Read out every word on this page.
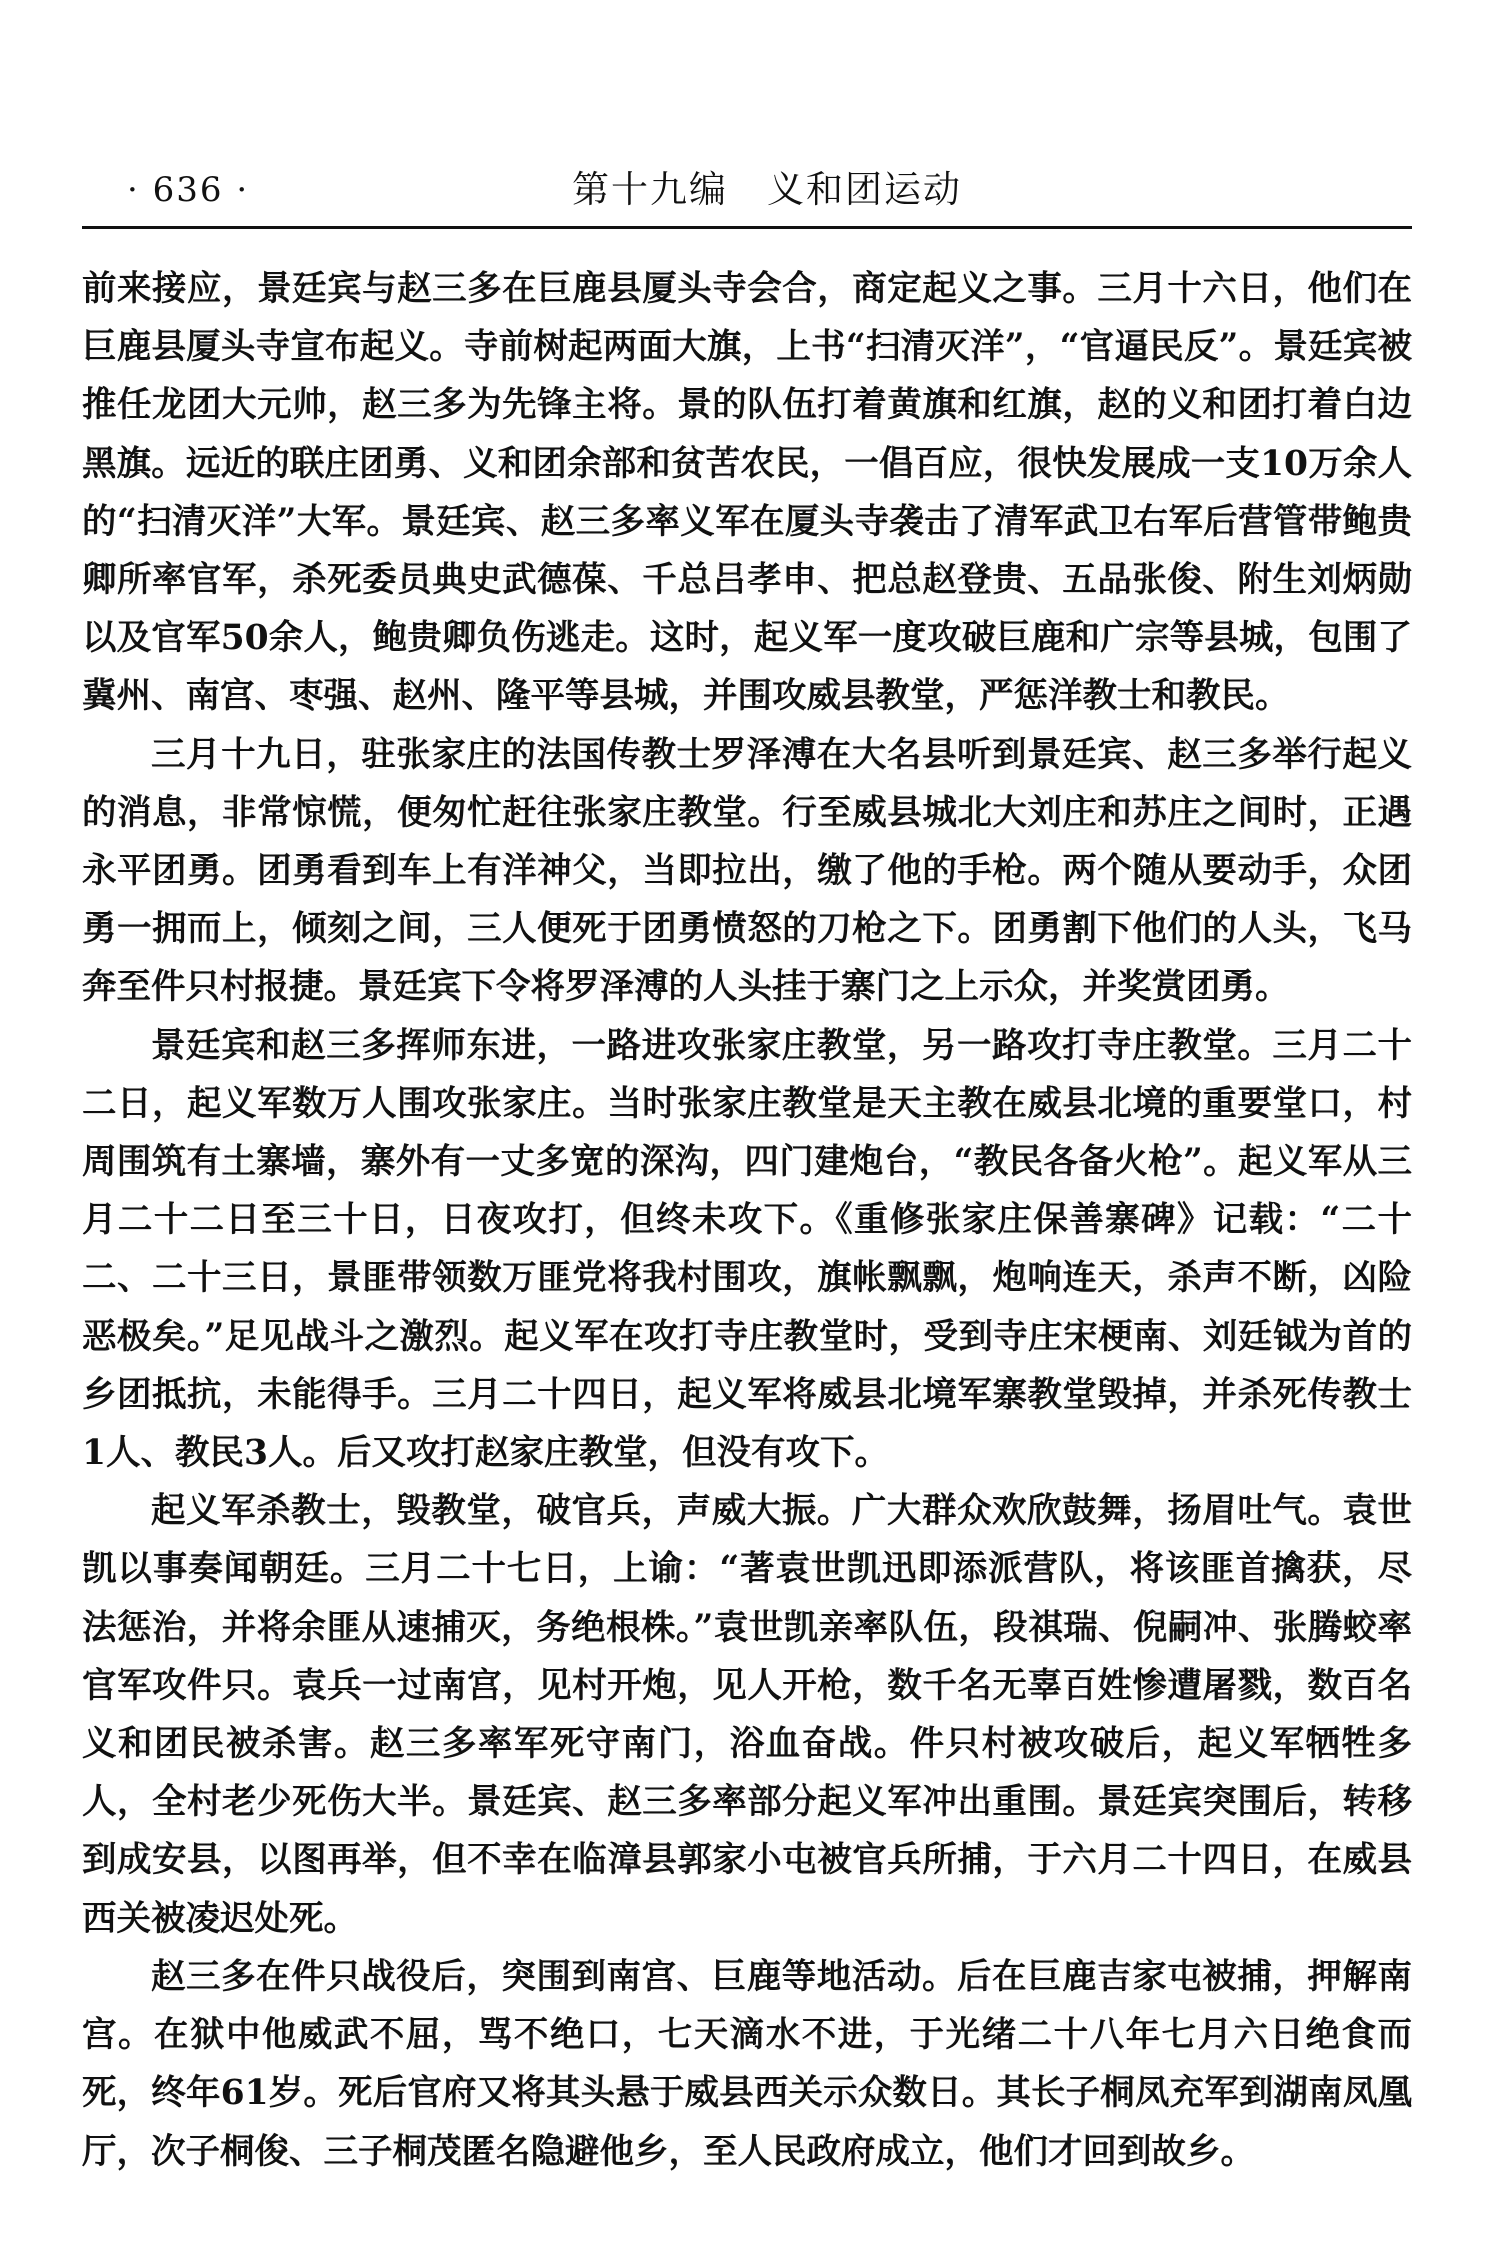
· 636 ·	第十九编　义和团运动

前来接应，景廷宾与赵三多在巨鹿县厦头寺会合，商定起义之事。三月十六日，他们在巨鹿县厦头寺宣布起义。寺前树起两面大旗，上书“扫清灭洋”，“官逼民反”。景廷宾被推任龙团大元帅，赵三多为先锋主将。景的队伍打着黄旗和红旗，赵的义和团打着白边黑旗。远近的联庄团勇、义和团余部和贫苦农民，一倡百应，很快发展成一支10万余人的“扫清灭洋”大军。景廷宾、赵三多率义军在厦头寺袭击了清军武卫右军后营管带鲍贵卿所率官军，杀死委员典史武德葆、千总吕孝申、把总赵登贵、五品张俊、附生刘炳勋以及官军50余人，鲍贵卿负伤逃走。这时，起义军一度攻破巨鹿和广宗等县城，包围了冀州、南宫、枣强、赵州、隆平等县城，并围攻威县教堂，严惩洋教士和教民。

三月十九日，驻张家庄的法国传教士罗泽溥在大名县听到景廷宾、赵三多举行起义的消息，非常惊慌，便匆忙赶往张家庄教堂。行至威县城北大刘庄和苏庄之间时，正遇永平团勇。团勇看到车上有洋神父，当即拉出，缴了他的手枪。两个随从要动手，众团勇一拥而上，倾刻之间，三人便死于团勇愤怒的刀枪之下。团勇割下他们的人头，飞马奔至件只村报捷。景廷宾下令将罗泽溥的人头挂于寨门之上示众，并奖赏团勇。

景廷宾和赵三多挥师东进，一路进攻张家庄教堂，另一路攻打寺庄教堂。三月二十二日，起义军数万人围攻张家庄。当时张家庄教堂是天主教在威县北境的重要堂口，村周围筑有土寨墙，寨外有一丈多宽的深沟，四门建炮台，“教民各备火枪”。起义军从三月二十二日至三十日，日夜攻打，但终未攻下。《重修张家庄保善寨碑》记载：“二十二、二十三日，景匪带领数万匪党将我村围攻，旗帐飘飘，炮响连天，杀声不断，凶险恶极矣。”足见战斗之激烈。起义军在攻打寺庄教堂时，受到寺庄宋梗南、刘廷钺为首的乡团抵抗，未能得手。三月二十四日，起义军将威县北境军寨教堂毁掉，并杀死传教士1人、教民3人。后又攻打赵家庄教堂，但没有攻下。

起义军杀教士，毁教堂，破官兵，声威大振。广大群众欢欣鼓舞，扬眉吐气。袁世凯以事奏闻朝廷。三月二十七日，上谕：“著袁世凯迅即添派营队，将该匪首擒获，尽法惩治，并将余匪从速捕灭，务绝根株。”袁世凯亲率队伍，段祺瑞、倪嗣冲、张腾蛟率官军攻件只。袁兵一过南宫，见村开炮，见人开枪，数千名无辜百姓惨遭屠戮，数百名义和团民被杀害。赵三多率军死守南门，浴血奋战。件只村被攻破后，起义军牺牲多人，全村老少死伤大半。景廷宾、赵三多率部分起义军冲出重围。景廷宾突围后，转移到成安县，以图再举，但不幸在临漳县郭家小屯被官兵所捕，于六月二十四日，在威县西关被凌迟处死。

赵三多在件只战役后，突围到南宫、巨鹿等地活动。后在巨鹿吉家屯被捕，押解南宫。在狱中他威武不屈，骂不绝口，七天滴水不进，于光绪二十八年七月六日绝食而死，终年61岁。死后官府又将其头悬于威县西关示众数日。其长子桐凤充军到湖南凤凰厅，次子桐俊、三子桐茂匿名隐避他乡，至人民政府成立，他们才回到故乡。
